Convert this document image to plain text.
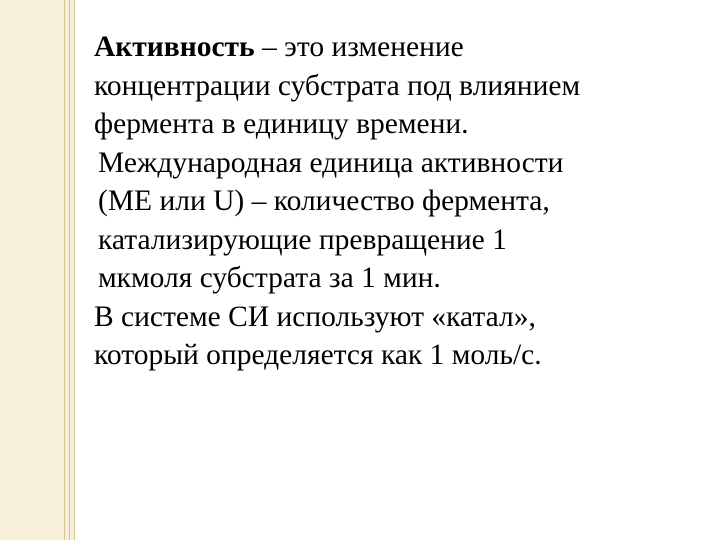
Активность – это изменение
концентрации субстрата под влиянием
фермента в единицу времени.

Международная единица активности
(МЕ или U) – количество фермента,
катализирующие превращение 1
мкмоля субстрата за 1 мин.

В системе СИ используют «катал»,
который определяется как 1 моль/с.
